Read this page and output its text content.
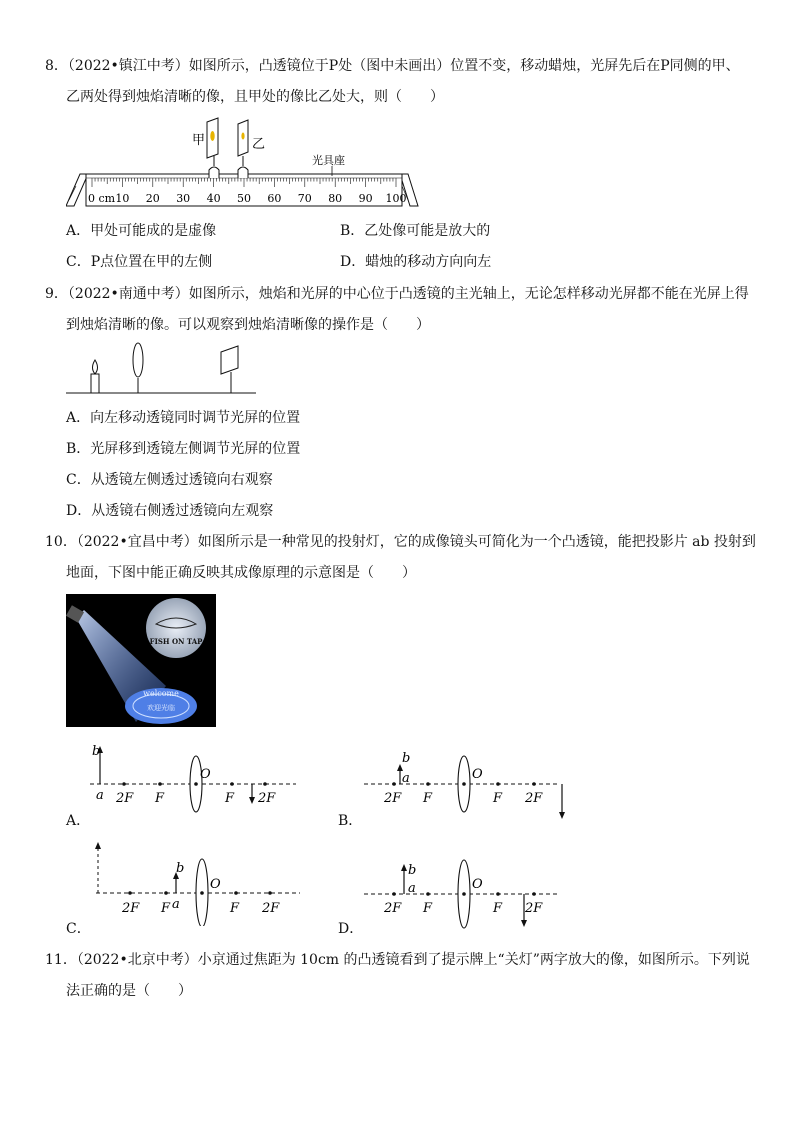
8．（2022•镇江中考）如图所示，凸透镜位于P处（图中未画出）位置不变，移动蜡烛，光屏先后在P同侧的甲、
乙两处得到烛焰清晰的像，且甲处的像比乙处大，则（　　）
甲	乙
光具座
0 cm 10 20 30 40 50 60 70 80 90 100
A．甲处可能成的是虚像	B．乙处像可能是放大的
C．P点位置在甲的左侧	D．蜡烛的移动方向向左
9．（2022•南通中考）如图所示，烛焰和光屏的中心位于凸透镜的主光轴上，无论怎样移动光屏都不能在光屏上得
到烛焰清晰的像。可以观察到烛焰清晰像的操作是（　　）
A．向左移动透镜同时调节光屏的位置
B．光屏移到透镜左侧调节光屏的位置
C．从透镜左侧透过透镜向右观察
D．从透镜右侧透过透镜向左观察
10．（2022•宜昌中考）如图所示是一种常见的投射灯，它的成像镜头可简化为一个凸透镜，能把投影片 ab 投射到
地面，下图中能正确反映其成像原理的示意图是（　　）
FISH ON TAP
welcome
欢迎光临
b
a
O
2F F	F 2F
A．
b
a	O
2F F	F 2F
B．
b
a
O
2F F	F 2F
C．
b
a	O
2F F	F 2F
D．
11．（2022•北京中考）小京通过焦距为 10cm 的凸透镜看到了提示牌上“关灯”两字放大的像，如图所示。下列说
法正确的是（　　）
